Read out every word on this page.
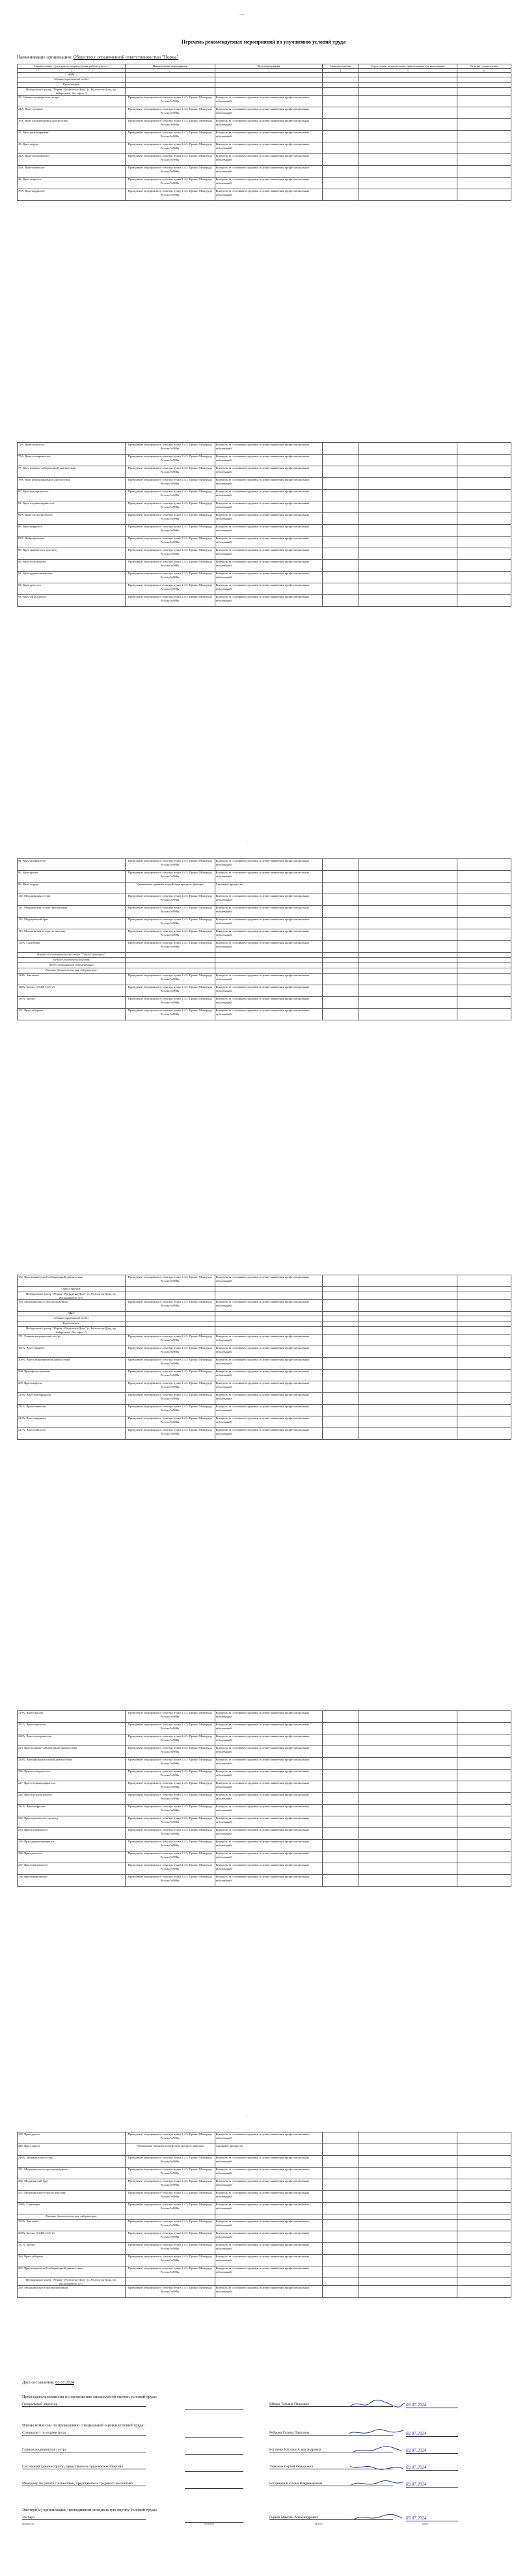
⌒
Перечень рекомендуемых мероприятий по улучшению условий труда
Наименование организации: Общество с ограниченной ответственностью "Норма"
Наименование структурного подразделения, рабочего места	Наименование мероприятия	Цель мероприятия	Срок выполнения	Структурные подразделения, привлекаемые для выполнения	Отметка о выполнении
1	2	3	4	5	6
АХЧ					
Административный отдел					
Бухгалтерия					
Медицинский центр "Норма - Ростов-на-Дону" (г. Ростов-на-Дону, пр. Задорожня, 25е, офис 1)					
23. Главная медицинская сестра	Проведение медицинского осмотра пункт 2.4.3. Приказ Минтруда России №988н	Контроль за состоянием здоровья и целью выявления профессиональных заболеваний			
24А. Врач-терапевт	Проведение медицинского осмотра пункт 2.4.3. Приказ Минтруда России №988н	Контроль за состоянием здоровья и целью выявления профессиональных заболеваний			
39А. Врач ультразвуковой диагностики	Проведение медицинского осмотра пункт 2.4.3. Приказ Минтруда России №988н	Контроль за состоянием здоровья и целью выявления профессиональных заболеваний			
42. Врач-физиотерапевт	Проведение медицинского осмотра пункт 2.4.3. Приказ Минтруда России №988н	Контроль за состоянием здоровья и целью выявления профессиональных заболеваний			
43. Врач-хирург	Проведение медицинского осмотра пункт 2.4.3. Приказ Минтруда России №988н	Контроль за состоянием здоровья и целью выявления профессиональных заболеваний			
44А. Врач-эндокринолог	Проведение медицинского осмотра пункт 2.4.3. Приказ Минтруда России №988н	Контроль за состоянием здоровья и целью выявления профессиональных заболеваний			
45А. Врач-гинеколог	Проведение медицинского осмотра пункт 2.4.3. Приказ Минтруда России №988н	Контроль за состоянием здоровья и целью выявления профессиональных заболеваний			
46. Врач-невролог	Проведение медицинского осмотра пункт 2.4.3. Приказ Минтруда России №988н	Контроль за состоянием здоровья и целью выявления профессиональных заболеваний			
70А. Врач-кардиолог	Проведение медицинского осмотра пункт 2.4.3. Приказ Минтруда России №988н	Контроль за состоянием здоровья и целью выявления профессиональных заболеваний			
71А. Врач-гематолог	Проведение медицинского осмотра пункт 2.4.3. Приказ Минтруда России №988н	Контроль за состоянием здоровья и целью выявления профессиональных заболеваний			
75А. Врач-отоларинголог	Проведение медицинского осмотра пункт 2.4.3. Приказ Минтруда России №988н	Контроль за состоянием здоровья и целью выявления профессиональных заболеваний			
77. Врач клинико-лабораторной диагностики	Проведение медицинского осмотра пункт 2.4.3. Приказ Минтруда России №988н	Контроль за состоянием здоровья и целью выявления профессиональных заболеваний			
78А. Врач функциональной диагностики	Проведение медицинского осмотра пункт 2.4.3. Приказ Минтруда России №988н	Контроль за состоянием здоровья и целью выявления профессиональных заболеваний			
80. Врач-колопроктолог	Проведение медицинского осмотра пункт 2.4.3. Приказ Минтруда России №988н	Контроль за состоянием здоровья и целью выявления профессиональных заболеваний			
81. Врач-оториноларинголог	Проведение медицинского осмотра пункт 2.4.3. Приказ Минтруда России №988н	Контроль за состоянием здоровья и целью выявления профессиональных заболеваний			
82А. Врач-гастроэнтеролог	Проведение медицинского осмотра пункт 2.4.3. Приказ Минтруда России №988н	Контроль за состоянием здоровья и целью выявления профессиональных заболеваний			
86. Врач-нефролог	Проведение медицинского осмотра пункт 2.4.3. Приказ Минтруда России №988н	Контроль за состоянием здоровья и целью выявления профессиональных заболеваний			
87А. Нейрофизиолог	Проведение медицинского осмотра пункт 2.4.3. Приказ Минтруда России №988н	Контроль за состоянием здоровья и целью выявления профессиональных заболеваний			
88. Врач травматолог-ортопед	Проведение медицинского осмотра пункт 2.4.3. Приказ Минтруда России №988н	Контроль за состоянием здоровья и целью выявления профессиональных заболеваний			
89. Врач-пульмонолог	Проведение медицинского осмотра пункт 2.4.3. Приказ Минтруда России №988н	Контроль за состоянием здоровья и целью выявления профессиональных заболеваний			
91. Врач-дерматовенеролог	Проведение медицинского осмотра пункт 2.4.3. Приказ Минтруда России №988н	Контроль за состоянием здоровья и целью выявления профессиональных заболеваний			
92. Врач-диетолог	Проведение медицинского осмотра пункт 2.4.3. Приказ Минтруда России №988н	Контроль за состоянием здоровья и целью выявления профессиональных заболеваний			
93. Врач-офтальмолог	Проведение медицинского осмотра пункт 2.4.3. Приказ Минтруда России №988н	Контроль за состоянием здоровья и целью выявления профессиональных заболеваний			
·
94. Врач-профпатолог	Проведение медицинского осмотра пункт 2.4.3. Приказ Минтруда России №988н	Контроль за состоянием здоровья и целью выявления профессиональных заболеваний			
95. Врач-уролог	Проведение медицинского осмотра пункт 2.4.3. Приказ Минтруда России №988н	Контроль за состоянием здоровья и целью выявления профессиональных заболеваний			
96. Врач-хирург	Уменьшение времени воздействия вредного фактора	Снижение вредности			
110. Медицинская сестра	Проведение медицинского осмотра пункт 2.4.3. Приказ Минтруда России №988н	Контроль за состоянием здоровья и целью выявления профессиональных заболеваний			
111. Медицинская сестра процедурная	Проведение медицинского осмотра пункт 2.4.3. Приказ Минтруда России №988н	Контроль за состоянием здоровья и целью выявления профессиональных заболеваний			
112. Медицинский брат	Проведение медицинского осмотра пункт 2.4.3. Приказ Минтруда России №988н	Контроль за состоянием здоровья и целью выявления профессиональных заболеваний			
113. Медицинская сестра по массажу	Проведение медицинского осмотра пункт 2.4.3. Приказ Минтруда России №988н	Контроль за состоянием здоровья и целью выявления профессиональных заболеваний			
114А. Санитарка	Проведение медицинского осмотра пункт 2.4.3. Приказ Минтруда России №988н	Контроль за состоянием здоровья и целью выявления профессиональных заболеваний			
Научно-исследовательский отдел "Точное медицина"					
Медико-генетический центр					
Отдел медицинской документации					
Клинико-диагностическая лаборатория					
124А. Аналитик	Проведение медицинского осмотра пункт 2.4.3. Приказ Минтруда России №988н	Контроль за состоянием здоровья и целью выявления профессиональных заболеваний			
128А. Биолог (SARS-CoV-2)	Проведение медицинского осмотра пункт 2.4.3. Приказ Минтруда России №988н	Контроль за состоянием здоровья и целью выявления профессиональных заболеваний			
131А. Биолог	Проведение медицинского осмотра пункт 2.4.3. Приказ Минтруда России №988н	Контроль за состоянием здоровья и целью выявления профессиональных заболеваний			
151. Врач-лаборант	Проведение медицинского осмотра пункт 2.4.3. Приказ Минтруда России №988н	Контроль за состоянием здоровья и целью выявления профессиональных заболеваний			
152. Врач клинической лабораторной диагностики	Проведение медицинского осмотра пункт 2.4.3. Приказ Минтруда России №988н	Контроль за состоянием здоровья и целью выявления профессиональных заболеваний			
Отдел продаж					
Медицинский центр "Норма - Ростов-на-Дону" (г. Ростов-на-Дону, пр. Космонавтов, 4/1)					
158. Медицинская сестра процедурная	Проведение медицинского осмотра пункт 2.4.3. Приказ Минтруда России №988н	Контроль за состоянием здоровья и целью выявления профессиональных заболеваний			
ОМС					
Административный отдел					
Бухгалтерия					
Медицинский центр "Норма - Ростов-на-Дону" (г. Ростов-на-Дону, пр. Задорожня, 25е, офис 1)					
171. Главная медицинская сестра	Проведение медицинского осмотра пункт 2.4.3. Приказ Минтруда России №988н	Контроль за состоянием здоровья и целью выявления профессиональных заболеваний			
191А. Врач-терапевт	Проведение медицинского осмотра пункт 2.4.3. Приказ Минтруда России №988н	Контроль за состоянием здоровья и целью выявления профессиональных заболеваний			
200А. Врач ультразвуковой диагностики	Проведение медицинского осмотра пункт 2.4.3. Приказ Минтруда России №988н	Контроль за состоянием здоровья и целью выявления профессиональных заболеваний			
208. Врач-физиотерапевт	Проведение медицинского осмотра пункт 2.4.3. Приказ Минтруда России №988н	Контроль за состоянием здоровья и целью выявления профессиональных заболеваний			
209. Врач-невролог	Проведение медицинского осмотра пункт 2.4.3. Приказ Минтруда России №988н	Контроль за состоянием здоровья и целью выявления профессиональных заболеваний			
210А. Врач-эндокринолог	Проведение медицинского осмотра пункт 2.4.3. Приказ Минтруда России №988н	Контроль за состоянием здоровья и целью выявления профессиональных заболеваний			
211А. Врач-гинеколог	Проведение медицинского осмотра пункт 2.4.3. Приказ Минтруда России №988н	Контроль за состоянием здоровья и целью выявления профессиональных заболеваний			
213А. Врач-кардиолог	Проведение медицинского осмотра пункт 2.4.3. Приказ Минтруда России №988н	Контроль за состоянием здоровья и целью выявления профессиональных заболеваний			
217А. Врач-гематолог	Проведение медицинского осмотра пункт 2.4.3. Приказ Минтруда России №988н	Контроль за состоянием здоровья и целью выявления профессиональных заболеваний			
219А. Врач-онколог	Проведение медицинского осмотра пункт 2.4.3. Приказ Минтруда России №988н	Контроль за состоянием здоровья и целью выявления профессиональных заболеваний			
221А. Врач-гематолог	Проведение медицинского осмотра пункт 2.4.3. Приказ Минтруда России №988н	Контроль за состоянием здоровья и целью выявления профессиональных заболеваний			
222А. Врач-отоларинголог	Проведение медицинского осмотра пункт 2.4.3. Приказ Минтруда России №988н	Контроль за состоянием здоровья и целью выявления профессиональных заболеваний			
223. Врач клинико-лабораторной диагностики	Проведение медицинского осмотра пункт 2.4.3. Приказ Минтруда России №988н	Контроль за состоянием здоровья и целью выявления профессиональных заболеваний			
224А. Врач функциональной диагностики	Проведение медицинского осмотра пункт 2.4.3. Приказ Минтруда России №988н	Контроль за состоянием здоровья и целью выявления профессиональных заболеваний			
226. Врач-колопроктолог	Проведение медицинского осмотра пункт 2.4.3. Приказ Минтруда России №988н	Контроль за состоянием здоровья и целью выявления профессиональных заболеваний			
227. Врач-оториноларинголог	Проведение медицинского осмотра пункт 2.4.3. Приказ Минтруда России №988н	Контроль за состоянием здоровья и целью выявления профессиональных заболеваний			
228. Врач-гастроэнтеролог	Проведение медицинского осмотра пункт 2.4.3. Приказ Минтруда России №988н	Контроль за состоянием здоровья и целью выявления профессиональных заболеваний			
231А. Врач-нефролог	Проведение медицинского осмотра пункт 2.4.3. Приказ Минтруда России №988н	Контроль за состоянием здоровья и целью выявления профессиональных заболеваний			
232. Врач травматолог-ортопед	Проведение медицинского осмотра пункт 2.4.3. Приказ Минтруда России №988н	Контроль за состоянием здоровья и целью выявления профессиональных заболеваний			
233. Врач-пульмонолог	Проведение медицинского осмотра пункт 2.4.3. Приказ Минтруда России №988н	Контроль за состоянием здоровья и целью выявления профессиональных заболеваний			
235. Врач-дерматовенеролог	Проведение медицинского осмотра пункт 2.4.3. Приказ Минтруда России №988н	Контроль за состоянием здоровья и целью выявления профессиональных заболеваний			
236. Врач-диетолог	Проведение медицинского осмотра пункт 2.4.3. Приказ Минтруда России №988н	Контроль за состоянием здоровья и целью выявления профессиональных заболеваний			
237. Врач-офтальмолог	Проведение медицинского осмотра пункт 2.4.3. Приказ Минтруда России №988н	Контроль за состоянием здоровья и целью выявления профессиональных заболеваний			
238. Врач-профпатолог	Проведение медицинского осмотра пункт 2.4.3. Приказ Минтруда России №988н	Контроль за состоянием здоровья и целью выявления профессиональных заболеваний			
·
239. Врач-уролог	Проведение медицинского осмотра пункт 2.4.3. Приказ Минтруда России №988н	Контроль за состоянием здоровья и целью выявления профессиональных заболеваний			
240. Врач-хирург	Уменьшение времени воздействия вредного фактора	Снижение вредности			
246А. Медицинская сестра	Проведение медицинского осмотра пункт 2.4.3. Приказ Минтруда России №988н	Контроль за состоянием здоровья и целью выявления профессиональных заболеваний			
251. Медицинская сестра процедурная	Проведение медицинского осмотра пункт 2.4.3. Приказ Минтруда России №988н	Контроль за состоянием здоровья и целью выявления профессиональных заболеваний			
256. Медицинский брат	Проведение медицинского осмотра пункт 2.4.3. Приказ Минтруда России №988н	Контроль за состоянием здоровья и целью выявления профессиональных заболеваний			
257. Медицинская сестра по массажу	Проведение медицинского осмотра пункт 2.4.3. Приказ Минтруда России №988н	Контроль за состоянием здоровья и целью выявления профессиональных заболеваний			
258А. Санитарка	Проведение медицинского осмотра пункт 2.4.3. Приказ Минтруда России №988н	Контроль за состоянием здоровья и целью выявления профессиональных заболеваний			
Клинико-диагностическая лаборатория					
262А. Аналитик	Проведение медицинского осмотра пункт 2.4.3. Приказ Минтруда России №988н	Контроль за состоянием здоровья и целью выявления профессиональных заболеваний			
268А. Биолог (SARS-CoV-2)	Проведение медицинского осмотра пункт 2.4.3. Приказ Минтруда России №988н	Контроль за состоянием здоровья и целью выявления профессиональных заболеваний			
271А. Биолог	Проведение медицинского осмотра пункт 2.4.3. Приказ Минтруда России №988н	Контроль за состоянием здоровья и целью выявления профессиональных заболеваний			
284. Врач-лаборант	Проведение медицинского осмотра пункт 2.4.3. Приказ Минтруда России №988н	Контроль за состоянием здоровья и целью выявления профессиональных заболеваний			
285. Врач клинической лабораторной диагностики	Проведение медицинского осмотра пункт 2.4.3. Приказ Минтруда России №988н	Контроль за состоянием здоровья и целью выявления профессиональных заболеваний			
Медицинский центр "Норма - Ростов-на-Дону" (г. Ростов-на-Дону, пр. Космонавтов, 4/1)					
292. Медицинская сестра процедурная	Проведение медицинского осмотра пункт 2.4.3. Приказ Минтруда России №988н	Контроль за состоянием здоровья и целью выявления профессиональных заболеваний			
Дата составления: 03.07.2024
Председатель комиссии по проведению специальной оценки условий труда:
Генеральный директор	Шварц Татьяна Павловна	03.07.2024
Члены комиссии по проведению специальной оценки условий труда:
Специалист по охране труда	Реброва Галина Павловна	03.07.2024
Главная медицинская сестра	Богачева Наталья Александровна	03.07.2024
Системный администратор, представитель трудового коллектива	Лиманов Сергей Федорович	03.07.2024
Менеджер по работе с клиентами, представитель трудового коллектива	Богданова Наталья Владимировна	03.07.2024
Эксперт(ы) организации, проводившей специальную оценку условий труда:
Эксперт	Гиреев Максим Александрович	03.07.2024
(должность)	(подпись)	(Ф.И.О.)	(дата)
